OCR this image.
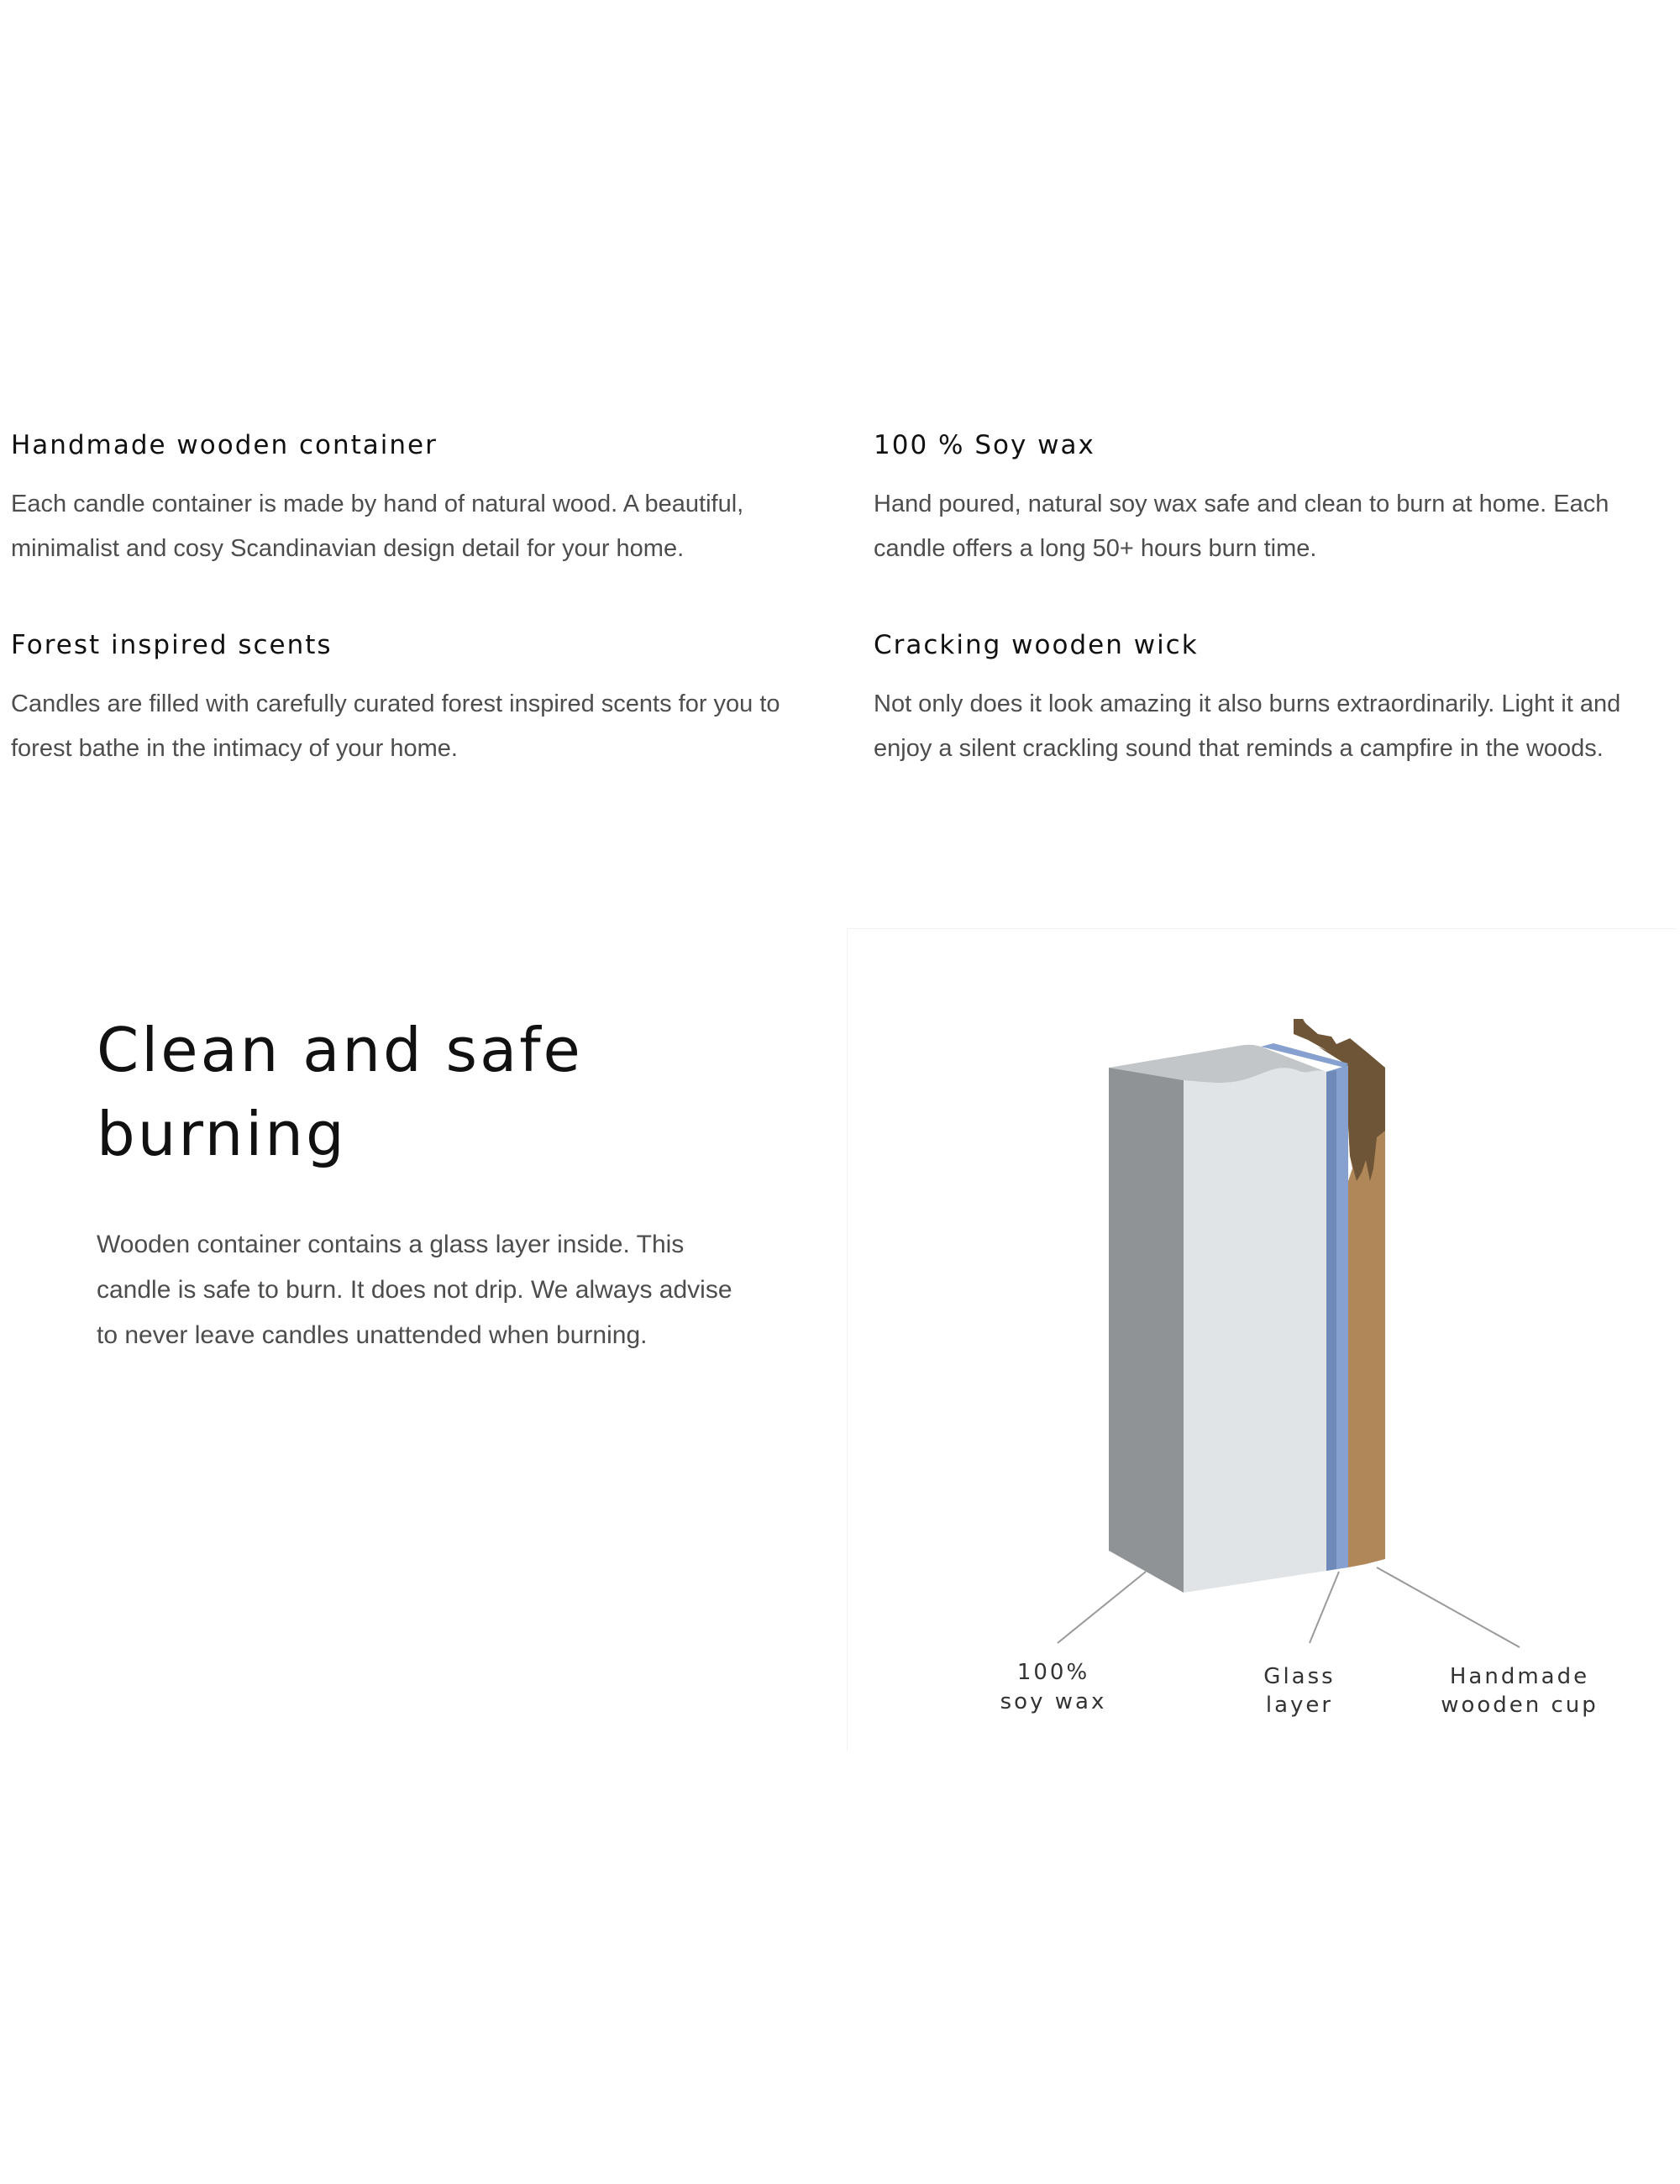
Handmade wooden container

Each candle container is made by hand of natural wood. A beautiful, minimalist and cosy Scandinavian design detail for your home.

100 % Soy wax

Hand poured, natural soy wax safe and clean to burn at home. Each candle offers a long 50+ hours burn time.

Forest inspired scents

Candles are filled with carefully curated forest inspired scents for you to forest bathe in the intimacy of your home.

Cracking wooden wick

Not only does it look amazing it also burns extraordinarily. Light it and enjoy a silent crackling sound that reminds a campfire in the woods.

Clean and safe
burning

Wooden container contains a glass layer inside. This candle is safe to burn. It does not drip. We always advise to never leave candles unattended when burning.

100%
soy wax
Glass
layer
Handmade
wooden cup
